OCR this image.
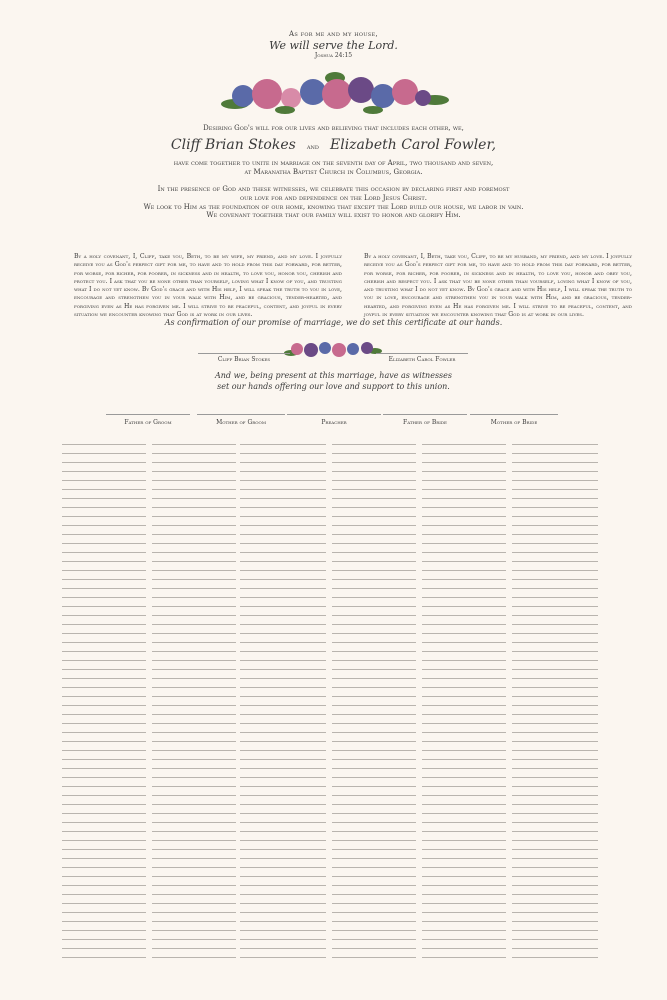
As for me and my house,
We will serve the Lord.
Joshua 24:15
Desiring God's will for our lives and believing that includes each other, we,
Cliff Brian Stokes and Elizabeth Carol Fowler,
have come together to unite in marriage on the seventh day of April, two thousand and seven,
at Maranatha Baptist Church in Columbus, Georgia.
In the presence of God and these witnesses, we celebrate this occasion by declaring first and foremost
our love for and dependence on the Lord Jesus Christ.
We look to Him as the foundation of our home, knowing that except the Lord build our house, we labor in vain.
We covenant together that our family will exist to honor and glorify Him.
By a holy covenant, I, Cliff, take you, Beth, to be my wife, my friend, and my love. I joyfully receive you as God's perfect gift for me, to have and to hold from this day forward, for better, for worse, for richer, for poorer, in sickness and in health, to love you, honor you, cherish and protect you. I ask that you be none other than yourself, loving what I know of you, and trusting what I do not yet know. By God's grace and with His help, I will speak the truth to you in love, encourage and strengthen you in your walk with Him, and be gracious, tender-hearted, and forgiving even as He has forgiven me. I will strive to be peaceful, content, and joyful in every situation we encounter knowing that God is at work in our lives.
By a holy covenant, I, Beth, take you, Cliff, to be my husband, my friend, and my love. I joyfully receive you as God's perfect gift for me, to have and to hold from this day forward, for better, for worse, for richer, for poorer, in sickness and in health, to love you, honor and obey you, cherish and respect you. I ask that you be none other than yourself, loving what I know of you, and trusting what I do not yet know. By God's grace and with His help, I will speak the truth to you in love, encourage and strengthen you in your walk with Him, and be gracious, tender-hearted, and forgiving even as He has forgiven me. I will strive to be peaceful, content, and joyful in every situation we encounter knowing that God is at work in our lives.
As confirmation of our promise of marriage, we do set this certificate at our hands.
Cliff Brian Stokes	Elizabeth Carol Fowler
And we, being present at this marriage, have as witnesses
set our hands offering our love and support to this union.
Father of Groom	Mother of Groom	Preacher	Father of Bride	Mother of Bride
